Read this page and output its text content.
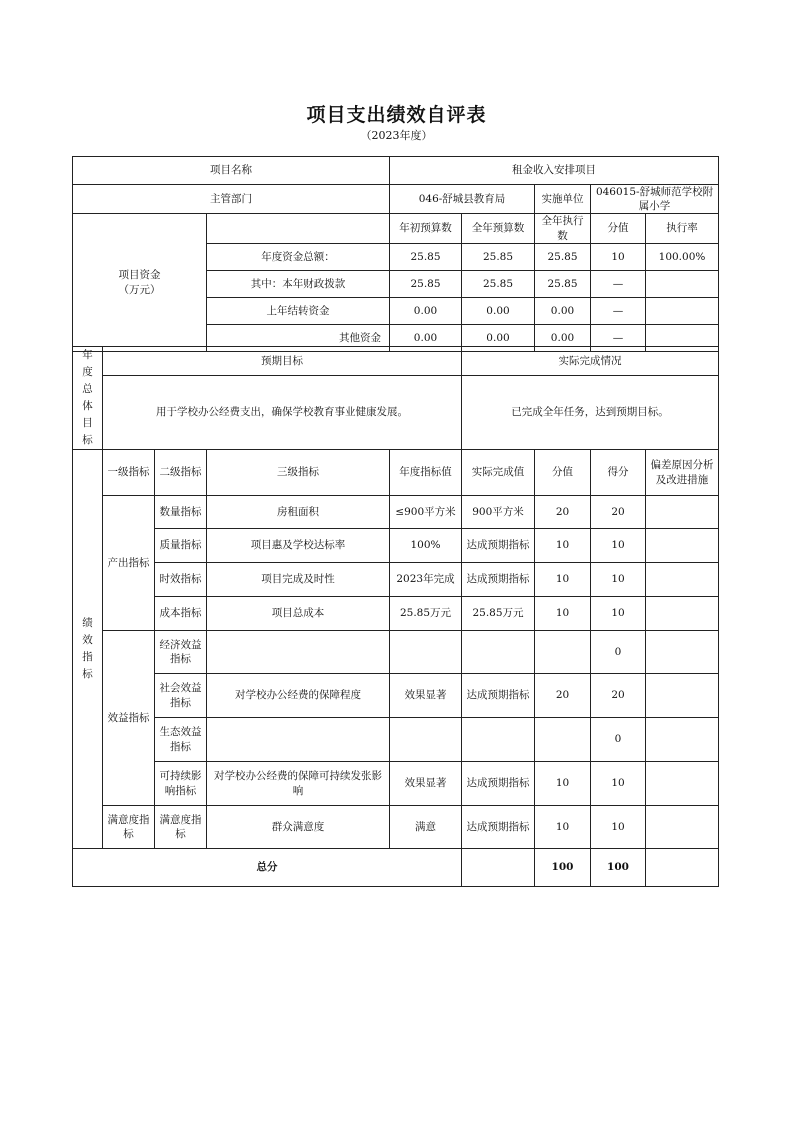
项目支出绩效自评表
（2023年度）
项目名称		租金收入安排项目					
主管部门		046-舒城县教育局		实施单位	046015-舒城师范学校附属小学		
项目资金
（万元）		年初预算数	全年预算数	全年执行数	分值	执行率	
	年度资金总额：	25.85	25.85	25.85	10	100.00%	
	其中：本年财政拨款	25.85	25.85	25.85	—		
	上年结转资金	0.00	0.00	0.00	—		
	其他资金	0.00	0.00	0.00	—		
年度总体目标	预期目标				实际完成情况			
	用于学校办公经费支出，确保学校教育事业健康发展。				已完成全年任务，达到预期目标。			
绩效指标	一级指标	二级指标	三级指标	年度指标值	实际完成值	分值	得分	偏差原因分析及改进措施
	产出指标	数量指标	房租面积	≤900平方米	900平方米	20	20	
		质量指标	项目惠及学校达标率	100%	达成预期指标	10	10	
		时效指标	项目完成及时性	2023年完成	达成预期指标	10	10	
		成本指标	项目总成本	25.85万元	25.85万元	10	10	
	效益指标	经济效益指标					0	
		社会效益指标	对学校办公经费的保障程度	效果显著	达成预期指标	20	20	
		生态效益指标					0	
		可持续影响指标	对学校办公经费的保障可持续发张影响	效果显著	达成预期指标	10	10	
	满意度指标	满意度指标	群众满意度	满意	达成预期指标	10	10	
总分						100	100	
